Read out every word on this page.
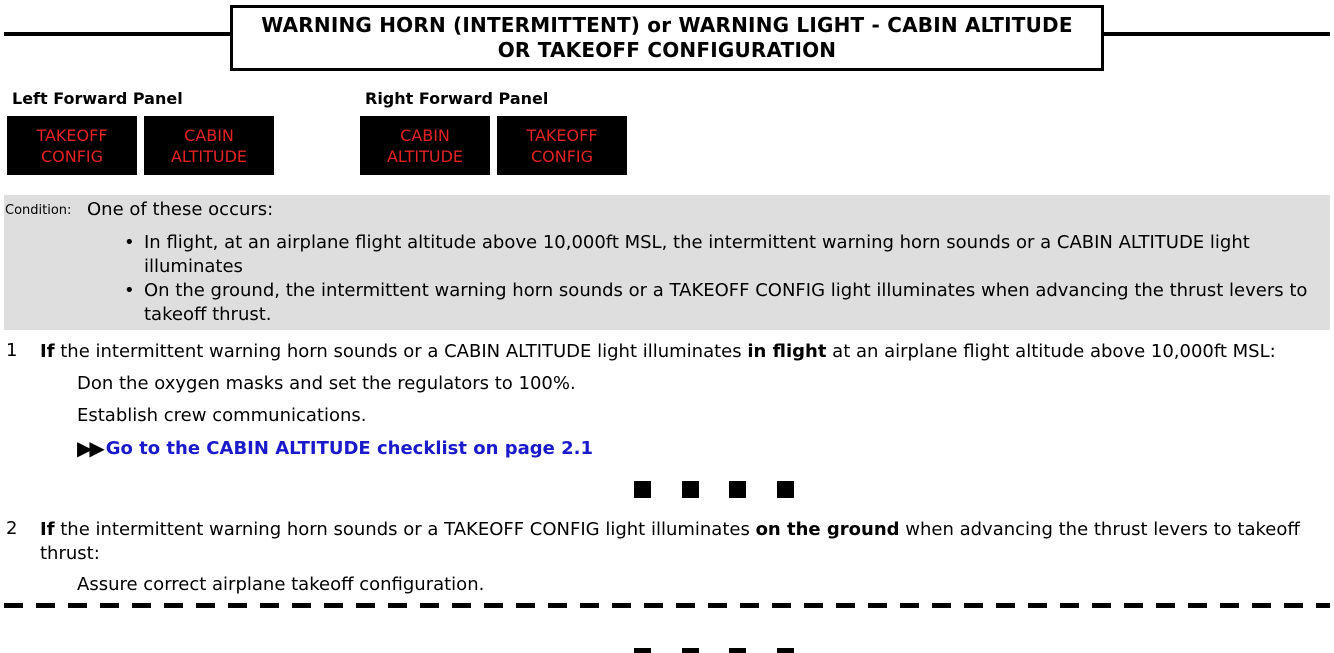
WARNING HORN (INTERMITTENT) or WARNING LIGHT - CABIN ALTITUDE
OR TAKEOFF CONFIGURATION
Left Forward Panel	Right Forward Panel
TAKEOFF
CONFIG
CABIN
ALTITUDE
CABIN
ALTITUDE
TAKEOFF
CONFIG
Condition: One of these occurs:
• In flight, at an airplane flight altitude above 10,000ft MSL, the intermittent warning horn sounds or a CABIN ALTITUDE light illuminates
• On the ground, the intermittent warning horn sounds or a TAKEOFF CONFIG light illuminates when advancing the thrust levers to takeoff thrust.
1 If the intermittent warning horn sounds or a CABIN ALTITUDE light illuminates in flight at an airplane flight altitude above 10,000ft MSL:
Don the oxygen masks and set the regulators to 100%.
Establish crew communications.
▶▶ Go to the CABIN ALTITUDE checklist on page 2.1
2 If the intermittent warning horn sounds or a TAKEOFF CONFIG light illuminates on the ground when advancing the thrust levers to takeoff thrust:
Assure correct airplane takeoff configuration.
